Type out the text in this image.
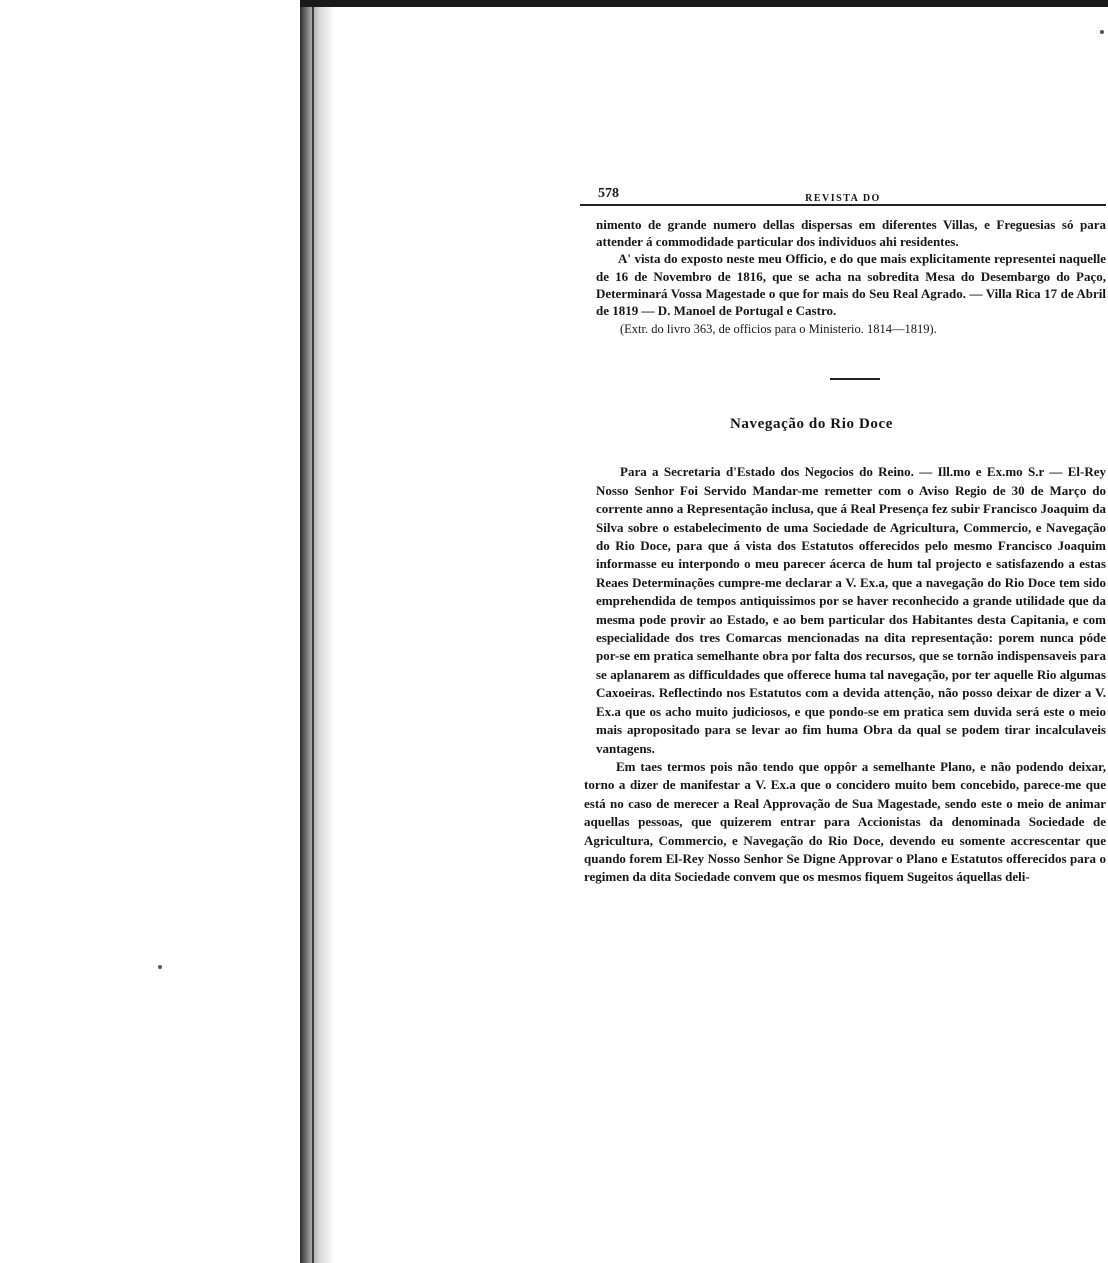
578	REVISTA DO

nimento de grande numero dellas dispersas em diferentes Villas, e Freguesias só para attender á commodidade particular dos individuos ahi residentes.

A' vista do exposto neste meu Officio, e do que mais explicitamente representei naquelle de 16 de Novembro de 1816, que se acha na sobredita Mesa do Desembargo do Paço, Determinará Vossa Magestade o que for mais do Seu Real Agrado. — Villa Rica 17 de Abril de 1819 — D. Manoel de Portugal e Castro.

(Extr. do livro 363, de officios para o Ministerio. 1814—1819).

Navegação do Rio Doce

Para a Secretaria d'Estado dos Negocios do Reino. — Ill.mo e Ex.mo S.r — El-Rey Nosso Senhor Foi Servido Mandar-me remetter com o Aviso Regio de 30 de Março do corrente anno a Representação inclusa, que á Real Presença fez subir Francisco Joaquim da Silva sobre o estabelecimento de uma Sociedade de Agricultura, Commercio, e Navegação do Rio Doce, para que á vista dos Estatutos offerecidos pelo mesmo Francisco Joaquim informasse eu interpondo o meu parecer ácerca de hum tal projecto e satisfazendo a estas Reaes Determinações cumpre-me declarar a V. Ex.a, que a navegação do Rio Doce tem sido emprehendida de tempos antiquissimos por se haver reconhecido a grande utilidade que da mesma pode provir ao Estado, e ao bem particular dos Habitantes desta Capitania, e com especialidade dos tres Comarcas mencionadas na dita representação: porem nunca póde por-se em pratica semelhante obra por falta dos recursos, que se tornão indispensaveis para se aplanarem as difficuldades que offerece huma tal navegação, por ter aquelle Rio algumas Caxoeiras. Reflectindo nos Estatutos com a devida attenção, não posso deixar de dizer a V. Ex.a que os acho muito judiciosos, e que pondo-se em pratica sem duvida será este o meio mais apropositado para se levar ao fim huma Obra da qual se podem tirar incalculaveis vantagens.

Em taes termos pois não tendo que oppôr a semelhante Plano, e não podendo deixar, torno a dizer de manifestar a V. Ex.a que o concidero muito bem concebido, parece-me que está no caso de merecer a Real Approvação de Sua Magestade, sendo este o meio de animar aquellas pessoas, que quizerem entrar para Accionistas da denominada Sociedade de Agricultura, Commercio, e Navegação do Rio Doce, devendo eu somente accrescentar que quando forem El-Rey Nosso Senhor Se Digne Approvar o Plano e Estatutos offerecidos para o regimen da dita Sociedade convem que os mesmos fiquem Sugeitos áquellas deli-
